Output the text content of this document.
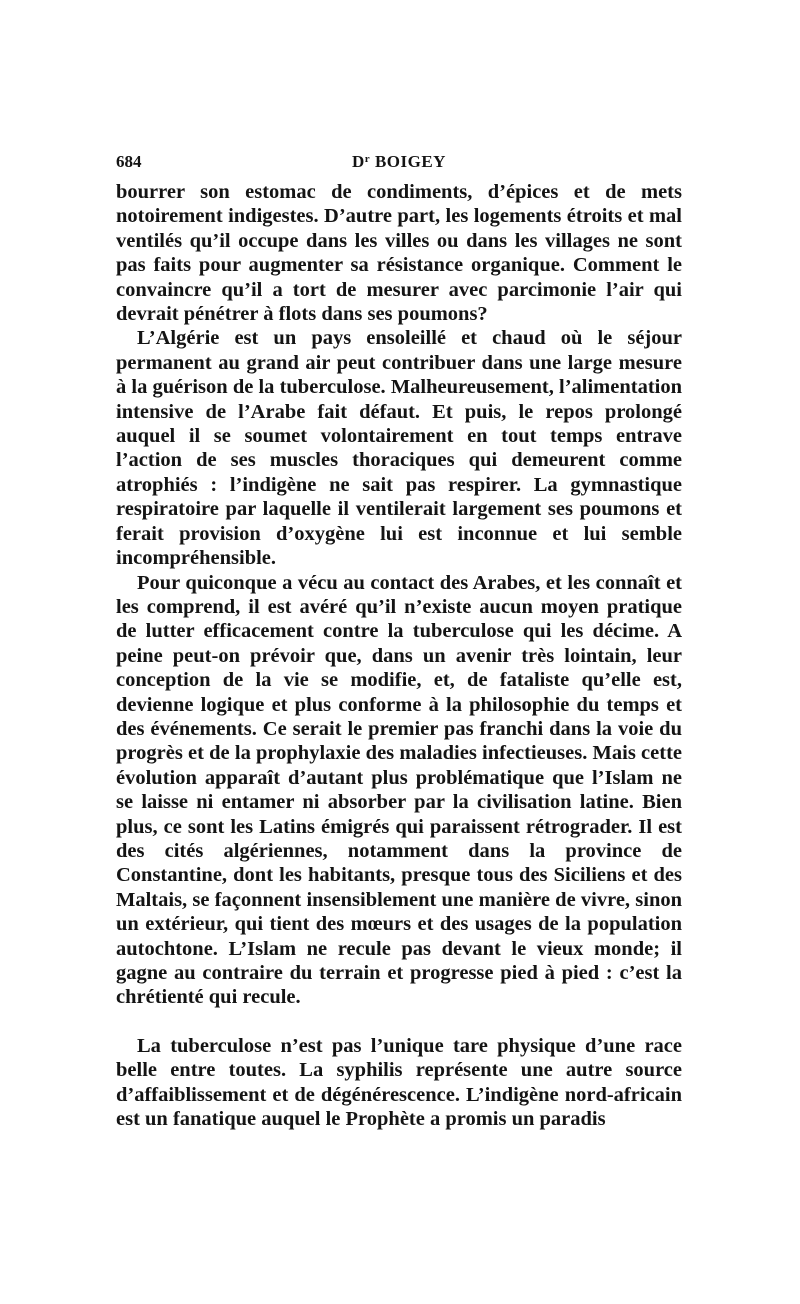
684	$D^r$ BOIGEY

bourrer son estomac de condiments, d’épices et de mets notoirement indigestes. D’autre part, les logements étroits et mal ventilés qu’il occupe dans les villes ou dans les villages ne sont pas faits pour augmenter sa résistance organique. Comment le convaincre qu’il a tort de mesurer avec parcimonie l’air qui devrait pénétrer à flots dans ses poumons?

L’Algérie est un pays ensoleillé et chaud où le séjour permanent au grand air peut contribuer dans une large mesure à la guérison de la tuberculose. Malheureusement, l’alimentation intensive de l’Arabe fait défaut. Et puis, le repos prolongé auquel il se soumet volontairement en tout temps entrave l’action de ses muscles thoraciques qui demeurent comme atrophiés : l’indigène ne sait pas respirer. La gymnastique respiratoire par laquelle il ventilerait largement ses poumons et ferait provision d’oxygène lui est inconnue et lui semble incompréhensible.

Pour quiconque a vécu au contact des Arabes, et les connaît et les comprend, il est avéré qu’il n’existe aucun moyen pratique de lutter efficacement contre la tuberculose qui les décime. A peine peut-on prévoir que, dans un avenir très lointain, leur conception de la vie se modifie, et, de fataliste qu’elle est, devienne logique et plus conforme à la philosophie du temps et des événements. Ce serait le premier pas franchi dans la voie du progrès et de la prophylaxie des maladies infectieuses. Mais cette évolution apparaît d’autant plus problématique que l’Islam ne se laisse ni entamer ni absorber par la civilisation latine. Bien plus, ce sont les Latins émigrés qui paraissent rétrograder. Il est des cités algériennes, notamment dans la province de Constantine, dont les habitants, presque tous des Siciliens et des Maltais, se façonnent insensiblement une manière de vivre, sinon un extérieur, qui tient des mœurs et des usages de la population autochtone. L’Islam ne recule pas devant le vieux monde; il gagne au contraire du terrain et progresse pied à pied : c’est la chrétienté qui recule.

La tuberculose n’est pas l’unique tare physique d’une race belle entre toutes. La syphilis représente une autre source d’affaiblissement et de dégénérescence. L’indigène nord-africain est un fanatique auquel le Prophète a promis un paradis
